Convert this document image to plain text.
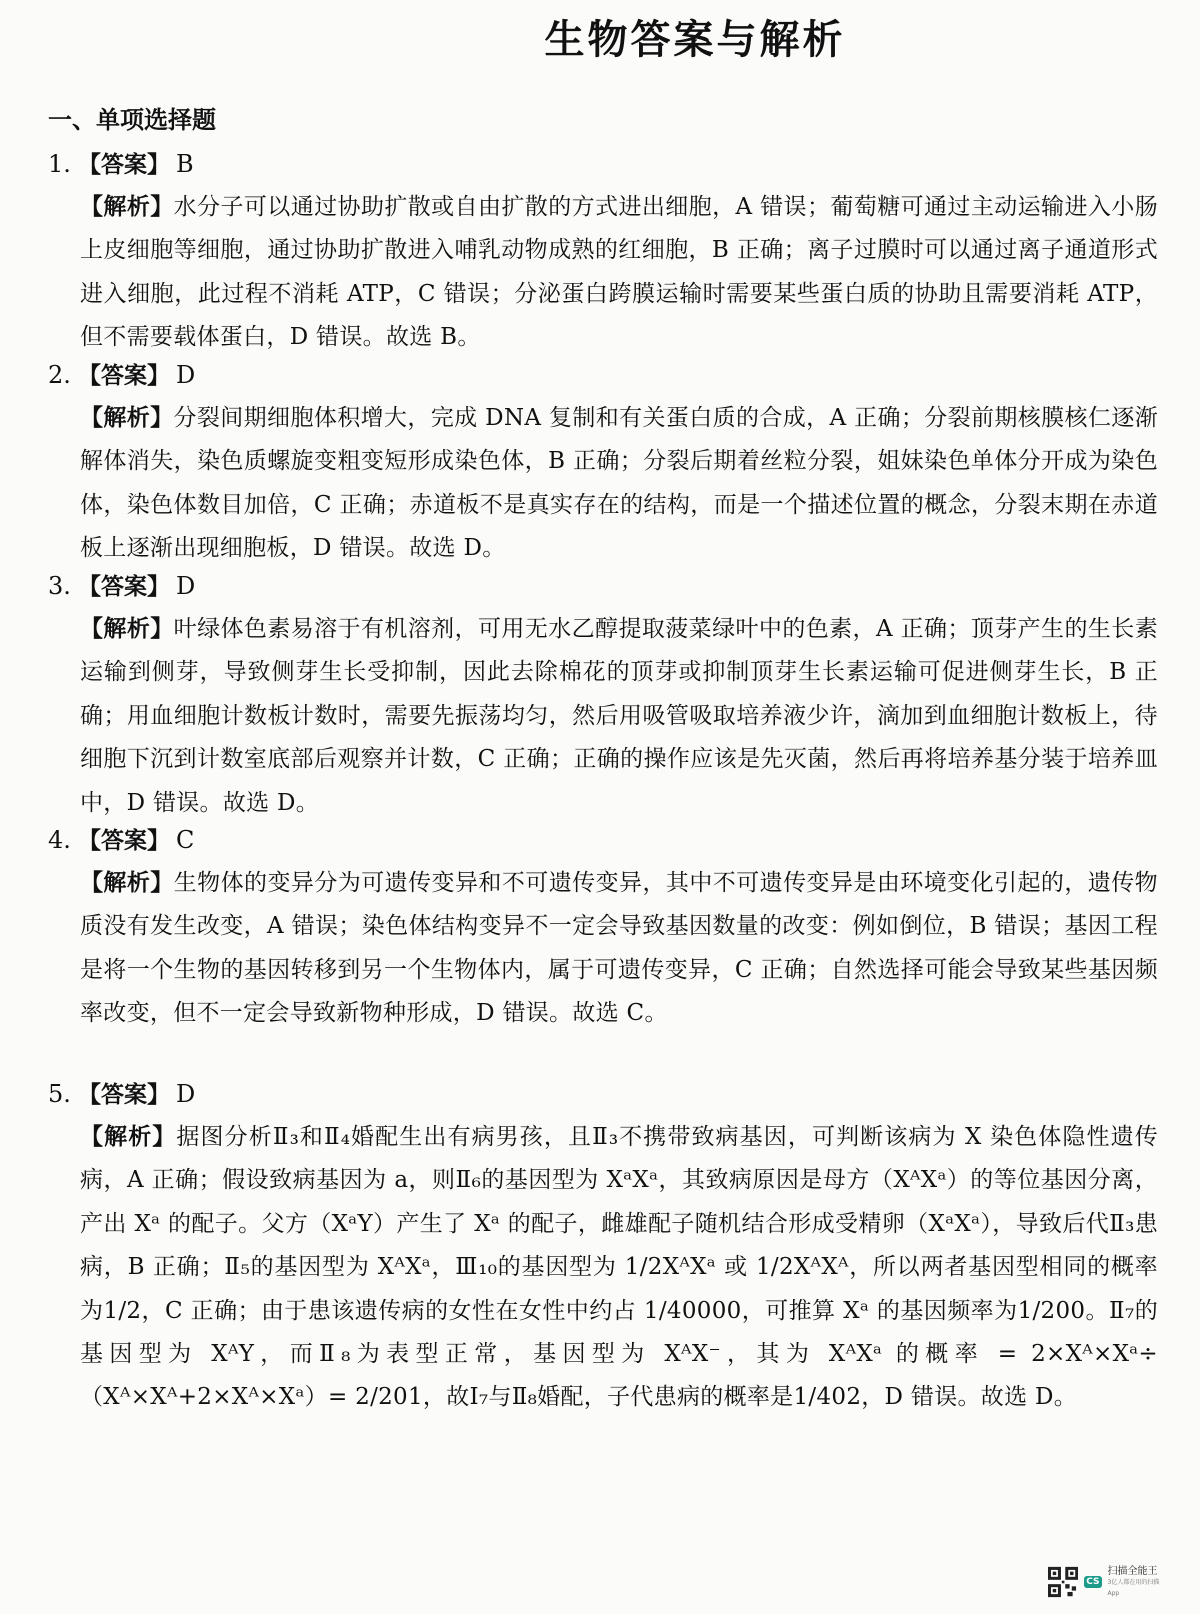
生物答案与解析
一、单项选择题
1. 【答案】 B
【解析】水分子可以通过协助扩散或自由扩散的方式进出细胞，A 错误；葡萄糖可通过主动运输进入小肠上皮细胞等细胞，通过协助扩散进入哺乳动物成熟的红细胞，B 正确；离子过膜时可以通过离子通道形式进入细胞，此过程不消耗 ATP，C 错误；分泌蛋白跨膜运输时需要某些蛋白质的协助且需要消耗 ATP，但不需要载体蛋白，D 错误。故选 B。
2. 【答案】 D
【解析】分裂间期细胞体积增大，完成 DNA 复制和有关蛋白质的合成，A 正确；分裂前期核膜核仁逐渐解体消失，染色质螺旋变粗变短形成染色体，B 正确；分裂后期着丝粒分裂，姐妹染色单体分开成为染色体，染色体数目加倍，C 正确；赤道板不是真实存在的结构，而是一个描述位置的概念，分裂末期在赤道板上逐渐出现细胞板，D 错误。故选 D。
3. 【答案】 D
【解析】叶绿体色素易溶于有机溶剂，可用无水乙醇提取菠菜绿叶中的色素，A 正确；顶芽产生的生长素运输到侧芽，导致侧芽生长受抑制，因此去除棉花的顶芽或抑制顶芽生长素运输可促进侧芽生长，B 正确；用血细胞计数板计数时，需要先振荡均匀，然后用吸管吸取培养液少许，滴加到血细胞计数板上，待细胞下沉到计数室底部后观察并计数，C 正确；正确的操作应该是先灭菌，然后再将培养基分装于培养皿中，D 错误。故选 D。
4. 【答案】 C
【解析】生物体的变异分为可遗传变异和不可遗传变异，其中不可遗传变异是由环境变化引起的，遗传物质没有发生改变，A 错误；染色体结构变异不一定会导致基因数量的改变：例如倒位，B 错误；基因工程是将一个生物的基因转移到另一个生物体内，属于可遗传变异，C 正确；自然选择可能会导致某些基因频率改变，但不一定会导致新物种形成，D 错误。故选 C。
5. 【答案】 D
【解析】据图分析Ⅱ₃和Ⅱ₄婚配生出有病男孩，且Ⅱ₃不携带致病基因，可判断该病为 X 染色体隐性遗传病，A 正确；假设致病基因为 a，则Ⅱ₆的基因型为 XᵃXᵃ，其致病原因是母方（XᴬXᵃ）的等位基因分离，产出 Xᵃ 的配子。父方（XᵃY）产生了 Xᵃ 的配子，雌雄配子随机结合形成受精卵（XᵃXᵃ），导致后代Ⅱ₃患病，B 正确；Ⅱ₅的基因型为 XᴬXᵃ，Ⅲ₁₀的基因型为 1/2XᴬXᵃ 或 1/2XᴬXᴬ，所以两者基因型相同的概率为1/2，C 正确；由于患该遗传病的女性在女性中约占 1/40000，可推算 Xᵃ 的基因频率为1/200。Ⅱ₇的基因型为 XᴬY，而Ⅱ₈为表型正常，基因型为 XᴬX⁻，其为 XᴬXᵃ 的概率 = 2×Xᴬ×Xᵃ÷（Xᴬ×Xᴬ+2×Xᴬ×Xᵃ）= 2/201，故Ⅰ₇与Ⅱ₈婚配，子代患病的概率是1/402，D 错误。故选 D。
CS
扫描全能王
3亿人都在用的扫描App
